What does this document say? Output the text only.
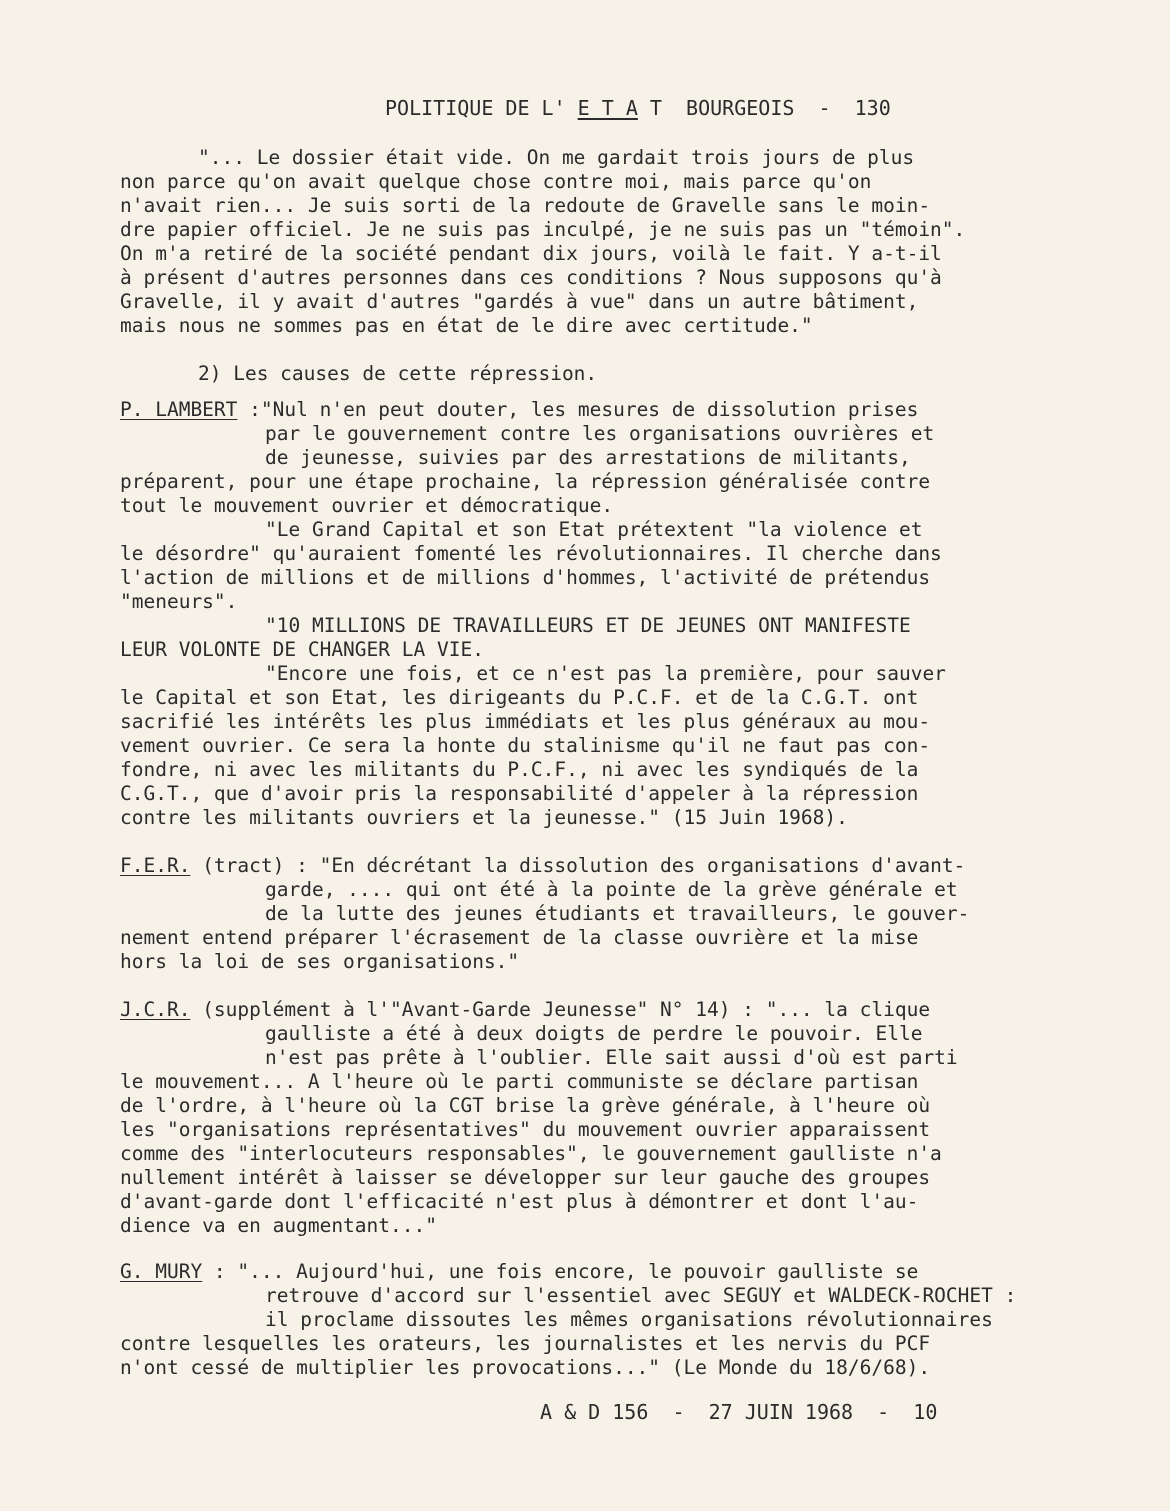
POLITIQUE DE L' E T A T  BOURGEOIS  -  130
"... Le dossier était vide. On me gardait trois jours de plus
non parce qu'on avait quelque chose contre moi, mais parce qu'on
n'avait rien... Je suis sorti de la redoute de Gravelle sans le moin-
dre papier officiel. Je ne suis pas inculpé, je ne suis pas un "témoin".
On m'a retiré de la société pendant dix jours, voilà le fait. Y a-t-il
à présent d'autres personnes dans ces conditions ? Nous supposons qu'à
Gravelle, il y avait d'autres "gardés à vue" dans un autre bâtiment,
mais nous ne sommes pas en état de le dire avec certitude."
2) Les causes de cette répression.
P. LAMBERT :"Nul n'en peut douter, les mesures de dissolution prises
par le gouvernement contre les organisations ouvrières et
de jeunesse, suivies par des arrestations de militants,
préparent, pour une étape prochaine, la répression généralisée contre
tout le mouvement ouvrier et démocratique.
"Le Grand Capital et son Etat prétextent "la violence et
le désordre" qu'auraient fomenté les révolutionnaires. Il cherche dans
l'action de millions et de millions d'hommes, l'activité de prétendus
"meneurs".
"10 MILLIONS DE TRAVAILLEURS ET DE JEUNES ONT MANIFESTE
LEUR VOLONTE DE CHANGER LA VIE.
"Encore une fois, et ce n'est pas la première, pour sauver
le Capital et son Etat, les dirigeants du P.C.F. et de la C.G.T. ont
sacrifié les intérêts les plus immédiats et les plus généraux au mou-
vement ouvrier. Ce sera la honte du stalinisme qu'il ne faut pas con-
fondre, ni avec les militants du P.C.F., ni avec les syndiqués de la
C.G.T., que d'avoir pris la responsabilité d'appeler à la répression
contre les militants ouvriers et la jeunesse." (15 Juin 1968).
F.E.R. (tract) : "En décrétant la dissolution des organisations d'avant-
garde, .... qui ont été à la pointe de la grève générale et
de la lutte des jeunes étudiants et travailleurs, le gouver-
nement entend préparer l'écrasement de la classe ouvrière et la mise
hors la loi de ses organisations."
J.C.R. (supplément à l'"Avant-Garde Jeunesse" N° 14) : "... la clique
gaulliste a été à deux doigts de perdre le pouvoir. Elle
n'est pas prête à l'oublier. Elle sait aussi d'où est parti
le mouvement... A l'heure où le parti communiste se déclare partisan
de l'ordre, à l'heure où la CGT brise la grève générale, à l'heure où
les "organisations représentatives" du mouvement ouvrier apparaissent
comme des "interlocuteurs responsables", le gouvernement gaulliste n'a
nullement intérêt à laisser se développer sur leur gauche des groupes
d'avant-garde dont l'efficacité n'est plus à démontrer et dont l'au-
dience va en augmentant..."
G. MURY : "... Aujourd'hui, une fois encore, le pouvoir gaulliste se
retrouve d'accord sur l'essentiel avec SEGUY et WALDECK-ROCHET :
il proclame dissoutes les mêmes organisations révolutionnaires
contre lesquelles les orateurs, les journalistes et les nervis du PCF
n'ont cessé de multiplier les provocations..." (Le Monde du 18/6/68).
A & D 156  -  27 JUIN 1968  -  10
